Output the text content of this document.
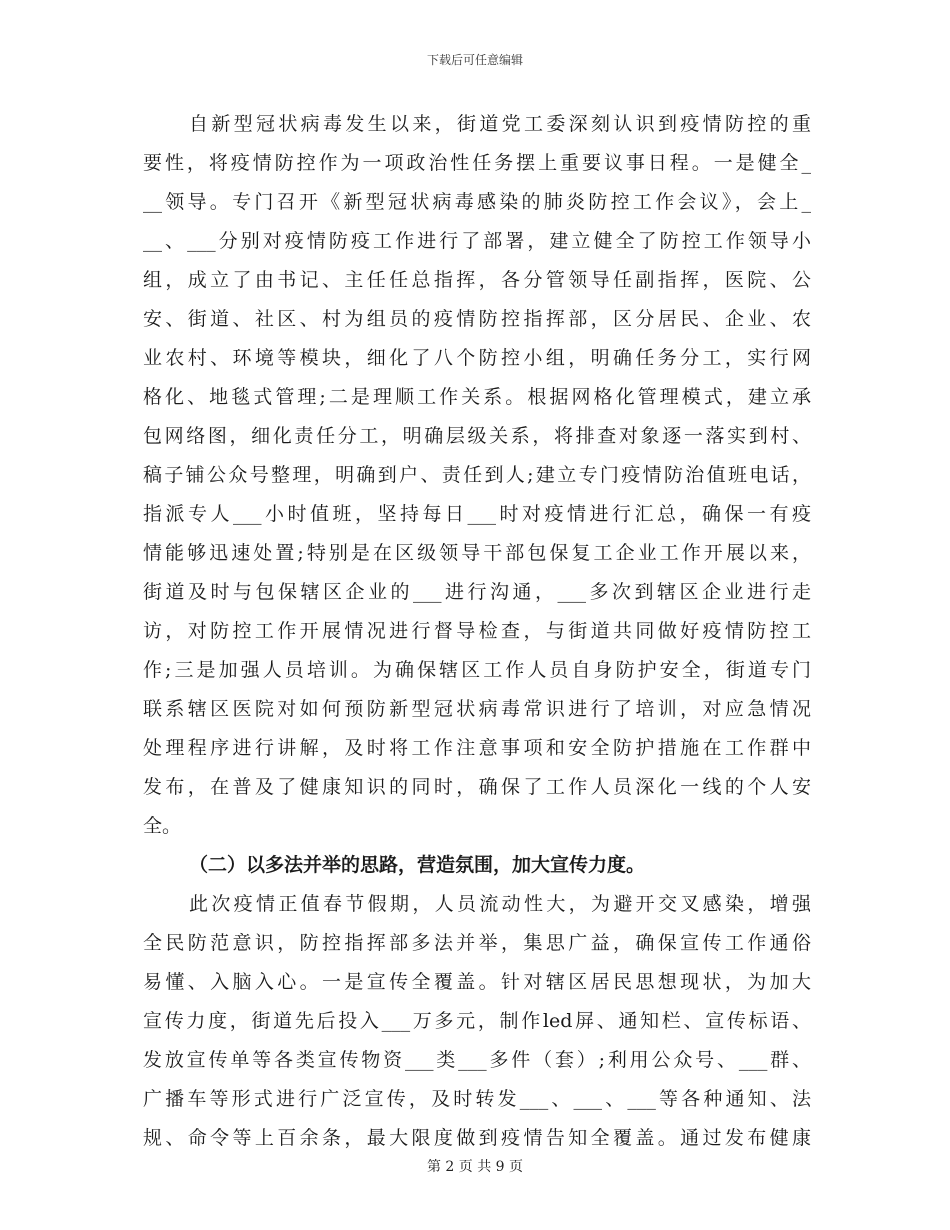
下载后可任意编辑
自新型冠状病毒发生以来，街道党工委深刻认识到疫情防控的重
要性，将疫情防控作为一项政治性任务摆上重要议事日程。一是健全_
__领导。专门召开《新型冠状病毒感染的肺炎防控工作会议》，会上_
__、___分别对疫情防疫工作进行了部署，建立健全了防控工作领导小
组，成立了由书记、主任任总指挥，各分管领导任副指挥，医院、公
安、街道、社区、村为组员的疫情防控指挥部，区分居民、企业、农
业农村、环境等模块，细化了八个防控小组，明确任务分工，实行网
格化、地毯式管理;二是理顺工作关系。根据网格化管理模式，建立承
包网络图，细化责任分工，明确层级关系，将排查对象逐一落实到村、
稿子铺公众号整理，明确到户、责任到人;建立专门疫情防治值班电话，
指派专人___小时值班，坚持每日___时对疫情进行汇总，确保一有疫
情能够迅速处置;特别是在区级领导干部包保复工企业工作开展以来，
街道及时与包保辖区企业的___进行沟通，___多次到辖区企业进行走
访，对防控工作开展情况进行督导检查，与街道共同做好疫情防控工
作;三是加强人员培训。为确保辖区工作人员自身防护安全，街道专门
联系辖区医院对如何预防新型冠状病毒常识进行了培训，对应急情况
处理程序进行讲解，及时将工作注意事项和安全防护措施在工作群中
发布，在普及了健康知识的同时，确保了工作人员深化一线的个人安
全。
（二）以多法并举的思路，营造氛围，加大宣传力度。
此次疫情正值春节假期，人员流动性大，为避开交叉感染，增强
全民防范意识，防控指挥部多法并举，集思广益，确保宣传工作通俗
易懂、入脑入心。一是宣传全覆盖。针对辖区居民思想现状，为加大
宣传力度，街道先后投入___万多元，制作led屏、通知栏、宣传标语、
发放宣传单等各类宣传物资___类___多件（套）;利用公众号、___群、
广播车等形式进行广泛宣传，及时转发___、___、___等各种通知、法
规、命令等上百余条，最大限度做到疫情告知全覆盖。通过发布健康
第 2 页 共 9 页
